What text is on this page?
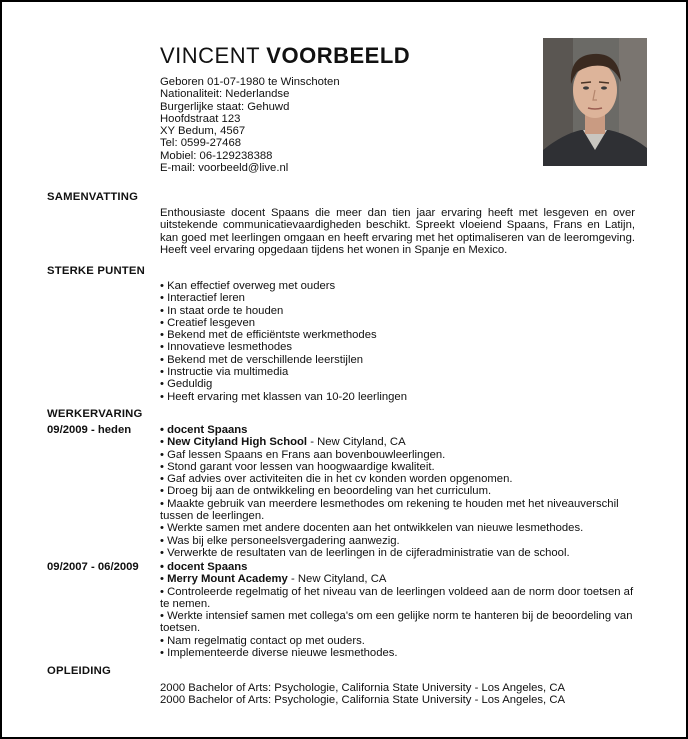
VINCENT VOORBEELD
Geboren 01-07-1980 te Winschoten
Nationaliteit: Nederlandse
Burgerlijke staat: Gehuwd
Hoofdstraat 123
XY Bedum, 4567
Tel: 0599-27468
Mobiel: 06-129238388
E-mail: voorbeeld@live.nl
SAMENVATTING
Enthousiaste docent Spaans die meer dan tien jaar ervaring heeft met lesgeven en over uitstekende communicatievaardigheden beschikt. Spreekt vloeiend Spaans, Frans en Latijn, kan goed met leerlingen omgaan en heeft ervaring met het optimaliseren van de leeromgeving. Heeft veel ervaring opgedaan tijdens het wonen in Spanje en Mexico.
STERKE PUNTEN
• Kan effectief overweg met ouders
• Interactief leren
• In staat orde te houden
• Creatief lesgeven
• Bekend met de efficiëntste werkmethodes
• Innovatieve lesmethodes
• Bekend met de verschillende leerstijlen
• Instructie via multimedia
• Geduldig
• Heeft ervaring met klassen van 10-20 leerlingen
WERKERVARING
09/2009 - heden	• docent Spaans
• New Cityland High School - New Cityland, CA
• Gaf lessen Spaans en Frans aan bovenbouwleerlingen.
• Stond garant voor lessen van hoogwaardige kwaliteit.
• Gaf advies over activiteiten die in het cv konden worden opgenomen.
• Droeg bij aan de ontwikkeling en beoordeling van het curriculum.
• Maakte gebruik van meerdere lesmethodes om rekening te houden met het niveauverschil tussen de leerlingen.
• Werkte samen met andere docenten aan het ontwikkelen van nieuwe lesmethodes.
• Was bij elke personeelsvergadering aanwezig.
• Verwerkte de resultaten van de leerlingen in de cijferadministratie van de school.
09/2007 - 06/2009	• docent Spaans
• Merry Mount Academy - New Cityland, CA
• Controleerde regelmatig of het niveau van de leerlingen voldeed aan de norm door toetsen af te nemen.
• Werkte intensief samen met collega's om een gelijke norm te hanteren bij de beoordeling van toetsen.
• Nam regelmatig contact op met ouders.
• Implementeerde diverse nieuwe lesmethodes.
OPLEIDING
2000 Bachelor of Arts: Psychologie, California State University - Los Angeles, CA
2000 Bachelor of Arts: Psychologie, California State University - Los Angeles, CA
